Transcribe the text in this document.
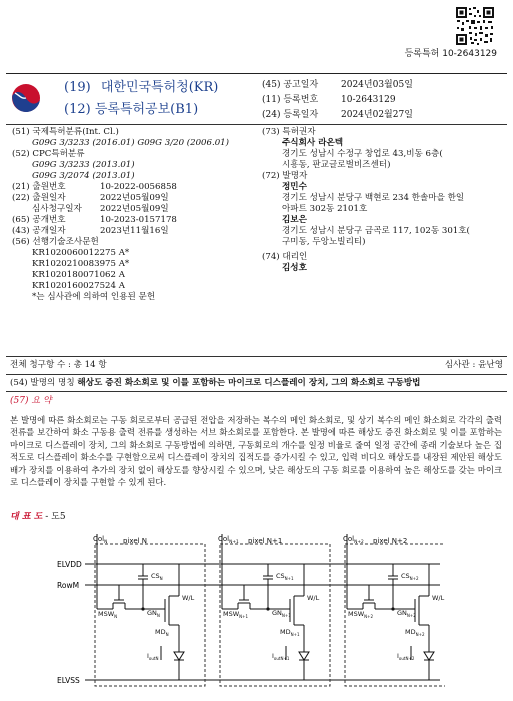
등록특허 10-2643129
(19) 대한민국특허청(KR)
(12) 등록특허공보(B1)
(45) 공고일자	2024년03월05일
(11) 등록번호	10-2643129
(24) 등록일자	2024년02월27일
(51) 국제특허분류(Int. Cl.)
G09G 3/3233 (2016.01) G09G 3/20 (2006.01)
(52) CPC특허분류
G09G 3/3233 (2013.01)
G09G 3/2074 (2013.01)
(21) 출원번호	10-2022-0056858
(22) 출원일자	2022년05월09일
심사청구일자 2022년05월09일
(65) 공개번호	10-2023-0157178
(43) 공개일자	2023년11월16일
(56) 선행기술조사문헌
KR1020060012275 A*
KR1020210083975 A*
KR1020180071062 A
KR1020160027524 A
*는 심사관에 의하여 인용된 문헌
(73) 특허권자
주식회사 라온텍
경기도 성남시 수정구 창업로 43,비동 6층(
시흥동, 판교글로벌비즈센터)
(72) 발명자
정민수
경기도 성남시 분당구 백현로 234 한솔마을 한일
아파트 302동 2101호
김보은
경기도 성남시 분당구 금곡로 117, 102동 301호(
구미동, 두앙노빌리티)
(74) 대리인
김성호
전체 청구항 수 : 총 14 항	심사관 : 윤난영
(54) 발명의 명칭 해상도 증진 화소회로 및 이를 포함하는 마이크로 디스플레이 장치, 그의 화소회로 구동방법
(57) 요 약
본 발명에 따른 화소회로는 구동 회로로부터 공급된 전압을 저장하는 복수의 메인 화소회로, 및 상기 복수의 메인 화소회로 각각의 출력 전류를 보간하여 화소 구동용 출력 전류를 생성하는 서브 화소회로를 포함한다. 본 발명에 따른 해상도 증진 화소회로 및 이를 포함하는 마이크로 디스플레이 장치, 그의 화소회로 구동방법에 의하면, 구동회로의 개수를 일정 비율로 줄여 일정 공간에 종래 기술보다 높은 집적도로 디스플레이 화소수를 구현함으로써 디스플레이 장치의 집적도를 증가시킬 수 있고, 입력 비디오 해상도를 내장된 제안된 해상도 배가 장치를 이용하여 추가의 장치 없이 해상도를 향상시킬 수 있으며, 낮은 해상도의 구동 회로를 이용하여 높은 해상도를 갖는 마이크로 디스플레이 장치를 구현할 수 있게 된다.
대 표 도 - 도5
ELVDD
RowM
ELVSS
Col$_N$ pixel N
$MSW_N$	$GN_N$
$CS_N$
W/L
$MD_N$
$I_{outN}$
Col$_{N+1}$ pixel N+1
$MSW_{N+1}$	$GN_{N+1}$
$CS_{N+1}$
W/L
$MD_{N+1}$
$I_{outN+1}$
Col$_{N+2}$ pixel N+2
$MSW_{N+2}$	$GN_{N+2}$
$CS_{N+2}$
W/L
$MD_{N+2}$
$I_{outN+2}$
